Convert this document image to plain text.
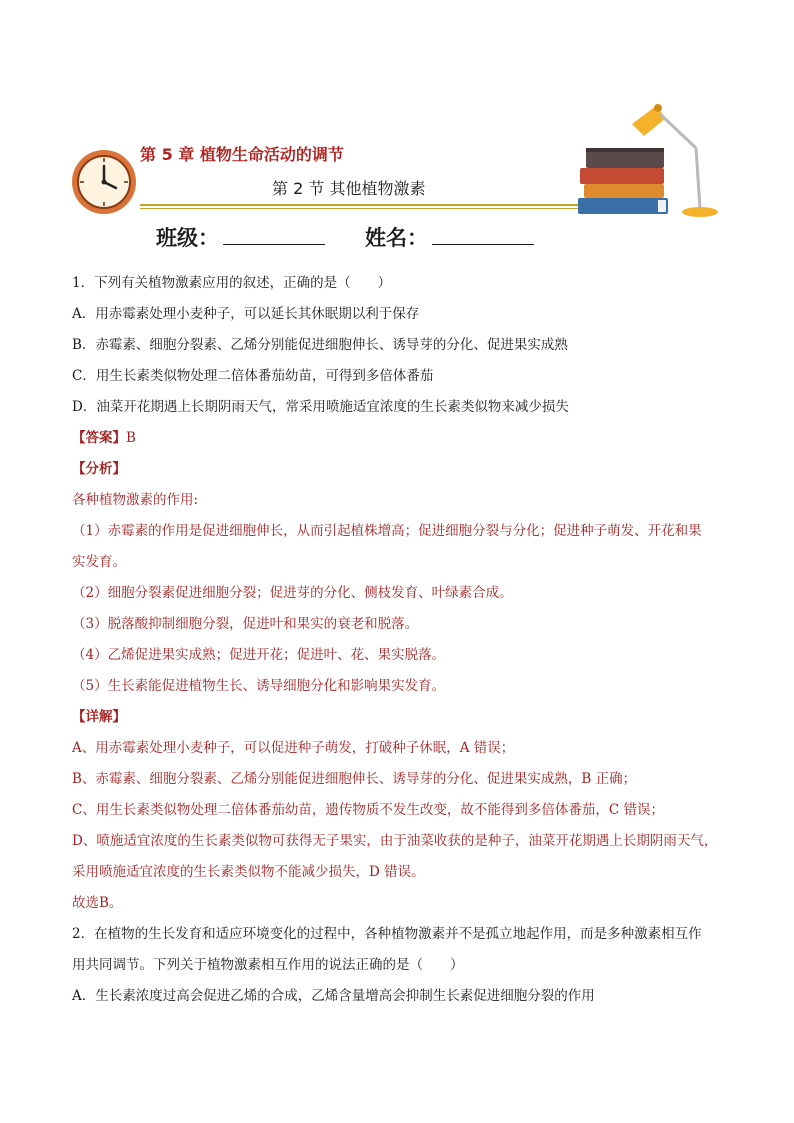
第 5 章 植物生命活动的调节
第 2 节 其他植物激素
班级：	姓名：
1．下列有关植物激素应用的叙述，正确的是（　　）
A．用赤霉素处理小麦种子，可以延长其休眠期以利于保存
B．赤霉素、细胞分裂素、乙烯分别能促进细胞伸长、诱导芽的分化、促进果实成熟
C．用生长素类似物处理二倍体番茄幼苗，可得到多倍体番茄
D．油菜开花期遇上长期阴雨天气，常采用喷施适宜浓度的生长素类似物来减少损失
【答案】B
【分析】
各种植物激素的作用:
（1）赤霉素的作用是促进细胞伸长，从而引起植株增高；促进细胞分裂与分化；促进种子萌发、开花和果
实发育。
（2）细胞分裂素促进细胞分裂；促进芽的分化、侧枝发育、叶绿素合成。
（3）脱落酸抑制细胞分裂，促进叶和果实的衰老和脱落。
（4）乙烯促进果实成熟；促进开花；促进叶、花、果实脱落。
（5）生长素能促进植物生长、诱导细胞分化和影响果实发育。
【详解】
A、用赤霉素处理小麦种子，可以促进种子萌发，打破种子休眠，A 错误；
B、赤霉素、细胞分裂素、乙烯分别能促进细胞伸长、诱导芽的分化、促进果实成熟，B 正确；
C、用生长素类似物处理二倍体番茄幼苗，遗传物质不发生改变，故不能得到多倍体番茄，C 错误；
D、喷施适宜浓度的生长素类似物可获得无子果实，由于油菜收获的是种子，油菜开花期遇上长期阴雨天气，
采用喷施适宜浓度的生长素类似物不能减少损失，D 错误。
故选B。
2．在植物的生长发育和适应环境变化的过程中，各种植物激素并不是孤立地起作用，而是多种激素相互作
用共同调节。下列关于植物激素相互作用的说法正确的是（　　）
A．生长素浓度过高会促进乙烯的合成，乙烯含量增高会抑制生长素促进细胞分裂的作用
